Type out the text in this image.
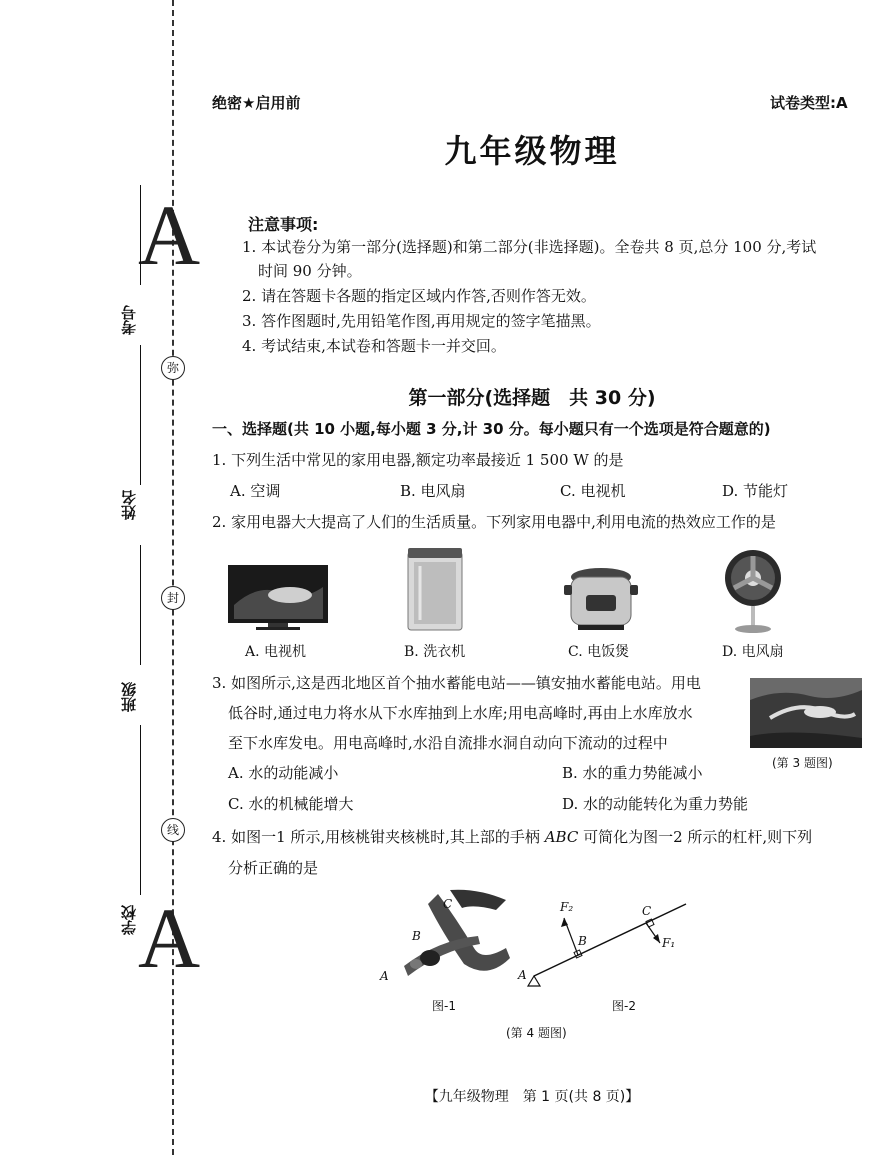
A
A
考号
姓名
班级
学校
弥
封
线
绝密★启用前	试卷类型:A
九年级物理
注意事项:
1. 本试卷分为第一部分(选择题)和第二部分(非选择题)。全卷共 8 页,总分 100 分,考试
时间 90 分钟。
2. 请在答题卡各题的指定区域内作答,否则作答无效。
3. 答作图题时,先用铅笔作图,再用规定的签字笔描黑。
4. 考试结束,本试卷和答题卡一并交回。
第一部分(选择题　共 30 分)
一、选择题(共 10 小题,每小题 3 分,计 30 分。每小题只有一个选项是符合题意的)
1. 下列生活中常见的家用电器,额定功率最接近 1 500 W 的是
A. 空调	B. 电风扇	C. 电视机	D. 节能灯
2. 家用电器大大提高了人们的生活质量。下列家用电器中,利用电流的热效应工作的是
A. 电视机	B. 洗衣机	C. 电饭煲	D. 电风扇
3. 如图所示,这是西北地区首个抽水蓄能电站——镇安抽水蓄能电站。用电
低谷时,通过电力将水从下水库抽到上水库;用电高峰时,再由上水库放水
至下水库发电。用电高峰时,水沿自流排水洞自动向下流动的过程中
A. 水的动能减小	B. 水的重力势能减小
C. 水的机械能增大	D. 水的动能转化为重力势能
(第 3 题图)
4. 如图一1 所示,用核桃钳夹核桃时,其上部的手柄 ABC 可简化为图一2 所示的杠杆,则下列
分析正确的是
C
B
A
图-1
A
B
C
F₂
F₁
图-2
(第 4 题图)
【九年级物理　第 1 页(共 8 页)】
